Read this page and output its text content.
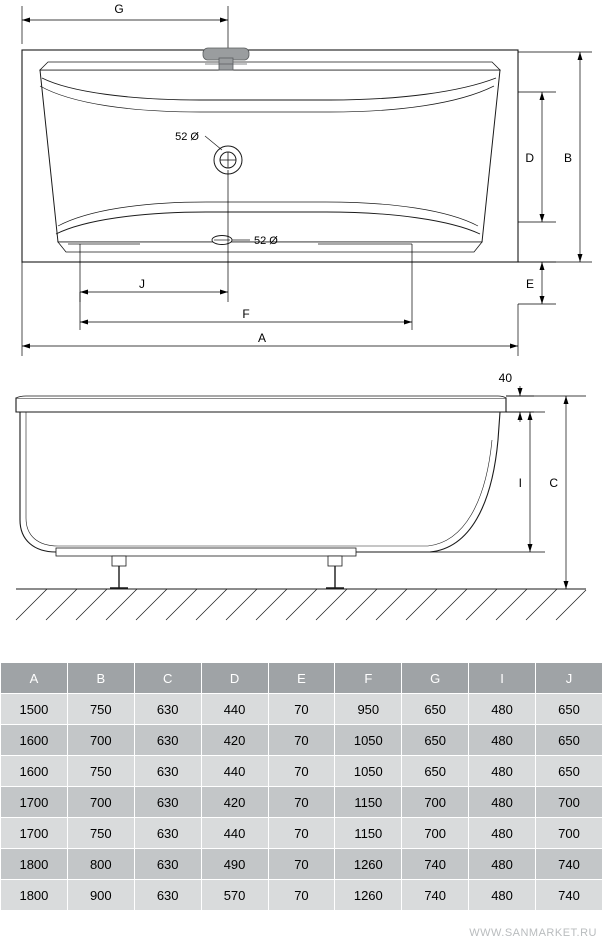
G
52 Ø
52 Ø
D B
E
J
F
A
40
I C
A	B	C	D	E	F	G	I	J
1500	750	630	440	70	950	650	480	650
1600	700	630	420	70	1050	650	480	650
1600	750	630	440	70	1050	650	480	650
1700	700	630	420	70	1150	700	480	700
1700	750	630	440	70	1150	700	480	700
1800	800	630	490	70	1260	740	480	740
1800	900	630	570	70	1260	740	480	740
WWW.SANMARKET.RU
